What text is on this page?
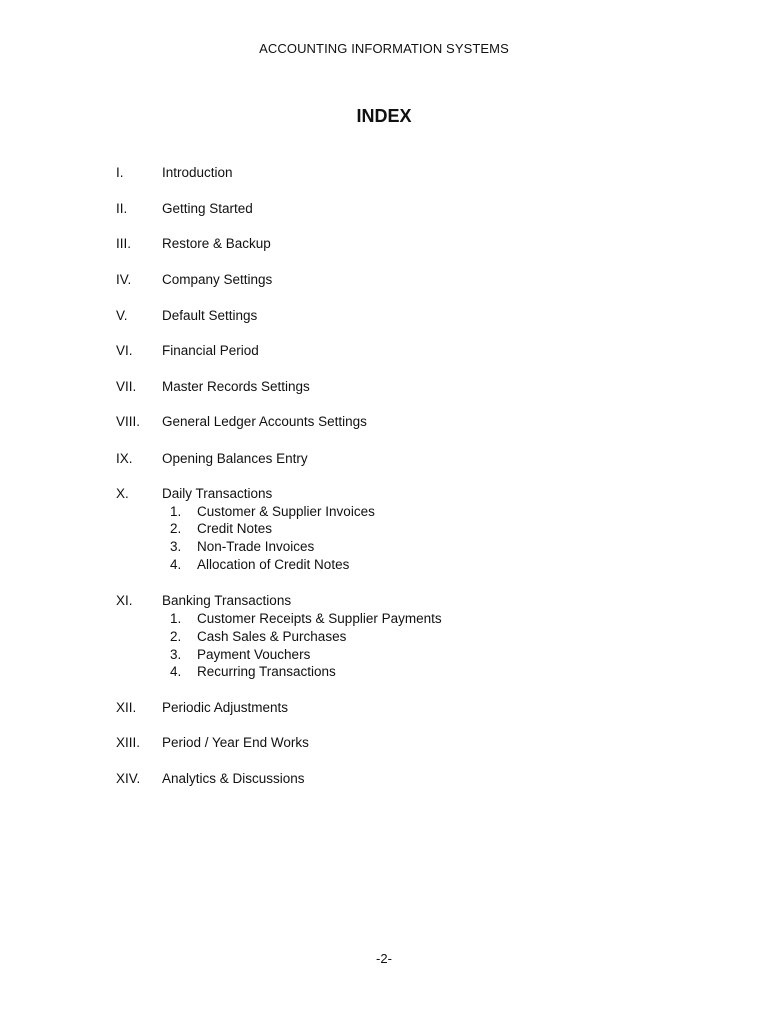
ACCOUNTING INFORMATION SYSTEMS
INDEX
I.	Introduction
II.	Getting Started
III. Restore & Backup
IV. Company Settings
V.	Default Settings
VI. Financial Period
VII. Master Records Settings
VIII. General Ledger Accounts Settings
IX. Opening Balances Entry
X. Daily Transactions
1. Customer & Supplier Invoices
2. Credit Notes
3. Non-Trade Invoices
4. Allocation of Credit Notes
XI. Banking Transactions
1. Customer Receipts & Supplier Payments
2. Cash Sales & Purchases
3. Payment Vouchers
4. Recurring Transactions
XII. Periodic Adjustments
XIII. Period / Year End Works
XIV. Analytics & Discussions
-2-
